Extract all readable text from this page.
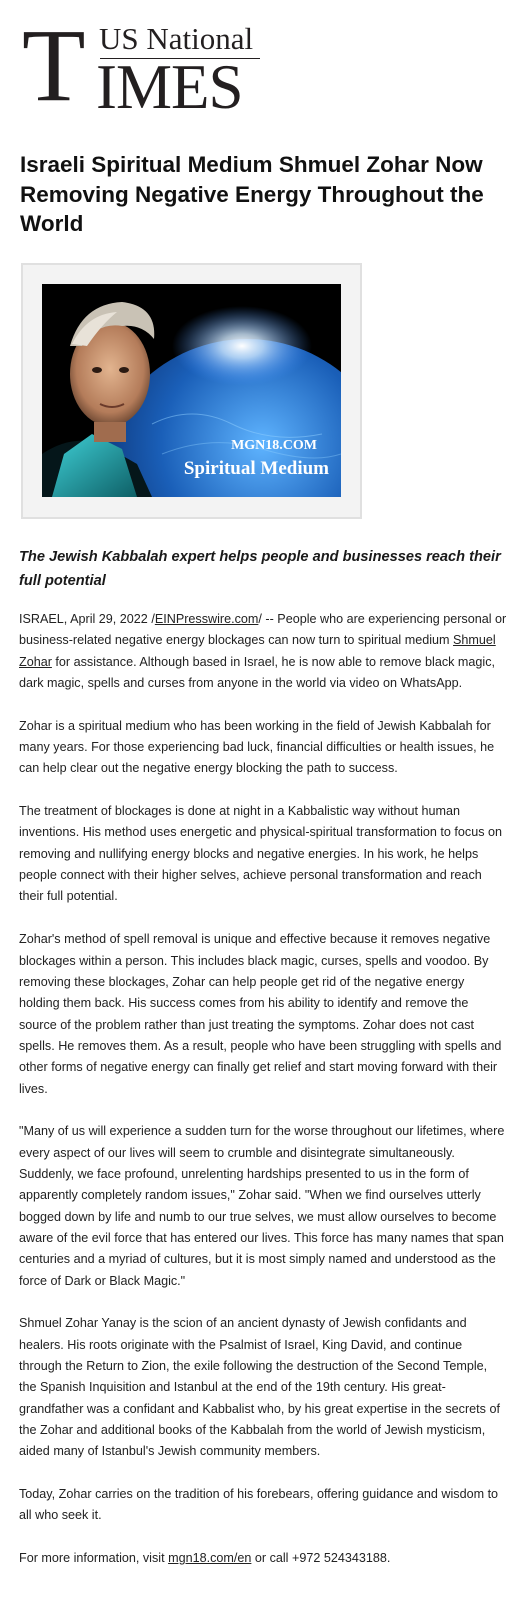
T US National
IMES
Israeli Spiritual Medium Shmuel Zohar Now Removing Negative Energy Throughout the World
MGN18.COM
Spiritual Medium
The Jewish Kabbalah expert helps people and businesses reach their full potential

ISRAEL, April 29, 2022 /EINPresswire.com/ -- People who are experiencing personal or business-related negative energy blockages can now turn to spiritual medium Shmuel Zohar for assistance. Although based in Israel, he is now able to remove black magic, dark magic, spells and curses from anyone in the world via video on WhatsApp.

Zohar is a spiritual medium who has been working in the field of Jewish Kabbalah for many years. For those experiencing bad luck, financial difficulties or health issues, he can help clear out the negative energy blocking the path to success.

The treatment of blockages is done at night in a Kabbalistic way without human inventions. His method uses energetic and physical-spiritual transformation to focus on removing and nullifying energy blocks and negative energies. In his work, he helps people connect with their higher selves, achieve personal transformation and reach their full potential.

Zohar's method of spell removal is unique and effective because it removes negative blockages within a person. This includes black magic, curses, spells and voodoo. By removing these blockages, Zohar can help people get rid of the negative energy holding them back. His success comes from his ability to identify and remove the source of the problem rather than just treating the symptoms. Zohar does not cast spells. He removes them. As a result, people who have been struggling with spells and other forms of negative energy can finally get relief and start moving forward with their lives.

"Many of us will experience a sudden turn for the worse throughout our lifetimes, where every aspect of our lives will seem to crumble and disintegrate simultaneously. Suddenly, we face profound, unrelenting hardships presented to us in the form of apparently completely random issues," Zohar said. "When we find ourselves utterly bogged down by life and numb to our true selves, we must allow ourselves to become aware of the evil force that has entered our lives. This force has many names that span centuries and a myriad of cultures, but it is most simply named and understood as the force of Dark or Black Magic."

Shmuel Zohar Yanay is the scion of an ancient dynasty of Jewish confidants and healers. His roots originate with the Psalmist of Israel, King David, and continue through the Return to Zion, the exile following the destruction of the Second Temple, the Spanish Inquisition and Istanbul at the end of the 19th century. His great-grandfather was a confidant and Kabbalist who, by his great expertise in the secrets of the Zohar and additional books of the Kabbalah from the world of Jewish mysticism, aided many of Istanbul's Jewish community members.

Today, Zohar carries on the tradition of his forebears, offering guidance and wisdom to all who seek it.

For more information, visit mgn18.com/en or call +972 524343188.
